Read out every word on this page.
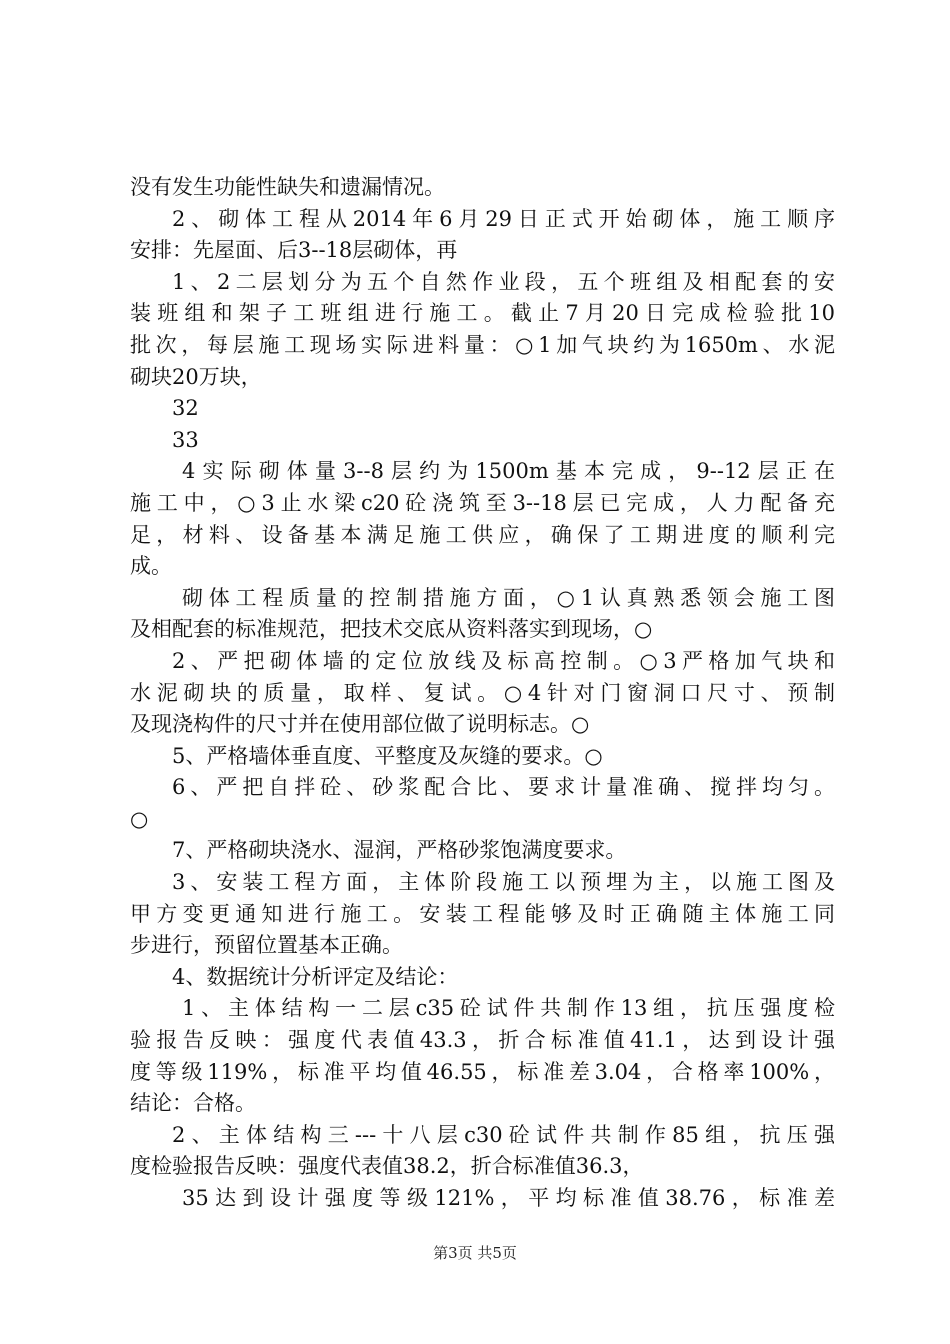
没有发生功能性缺失和遗漏情况。
2、砌体工程从2014年6月29日正式开始砌体，施工顺序
安排：先屋面、后3--18层砌体，再
1、2二层划分为五个自然作业段，五个班组及相配套的安
装班组和架子工班组进行施工。截止7月20日完成检验批10
批次，每层施工现场实际进料量：○1加气块约为1650m、水泥
砌块20万块，
32
33
4实际砌体量3--8层约为1500m基本完成，9--12层正在
施工中，○3止水梁c20砼浇筑至3--18层已完成，人力配备充
足，材料、设备基本满足施工供应，确保了工期进度的顺利完
成。
砌体工程质量的控制措施方面，○1认真熟悉领会施工图
及相配套的标准规范，把技术交底从资料落实到现场，○
2、严把砌体墙的定位放线及标高控制。○3严格加气块和
水泥砌块的质量，取样、复试。○4针对门窗洞口尺寸、预制
及现浇构件的尺寸并在使用部位做了说明标志。○
5、严格墙体垂直度、平整度及灰缝的要求。○
6、严把自拌砼、砂浆配合比、要求计量准确、搅拌均匀。
○
7、严格砌块浇水、湿润，严格砂浆饱满度要求。
3、安装工程方面，主体阶段施工以预埋为主，以施工图及
甲方变更通知进行施工。安装工程能够及时正确随主体施工同
步进行，预留位置基本正确。
4、数据统计分析评定及结论：
1、主体结构一二层c35砼试件共制作13组，抗压强度检
验报告反映：强度代表值43.3，折合标准值41.1，达到设计强
度等级119%，标准平均值46.55，标准差3.04，合格率100%，
结论：合格。
2、主体结构三---十八层c30砼试件共制作85组，抗压强
度检验报告反映：强度代表值38.2，折合标准值36.3，
35达到设计强度等级121%，平均标准值38.76，标准差
第3页 共5页
